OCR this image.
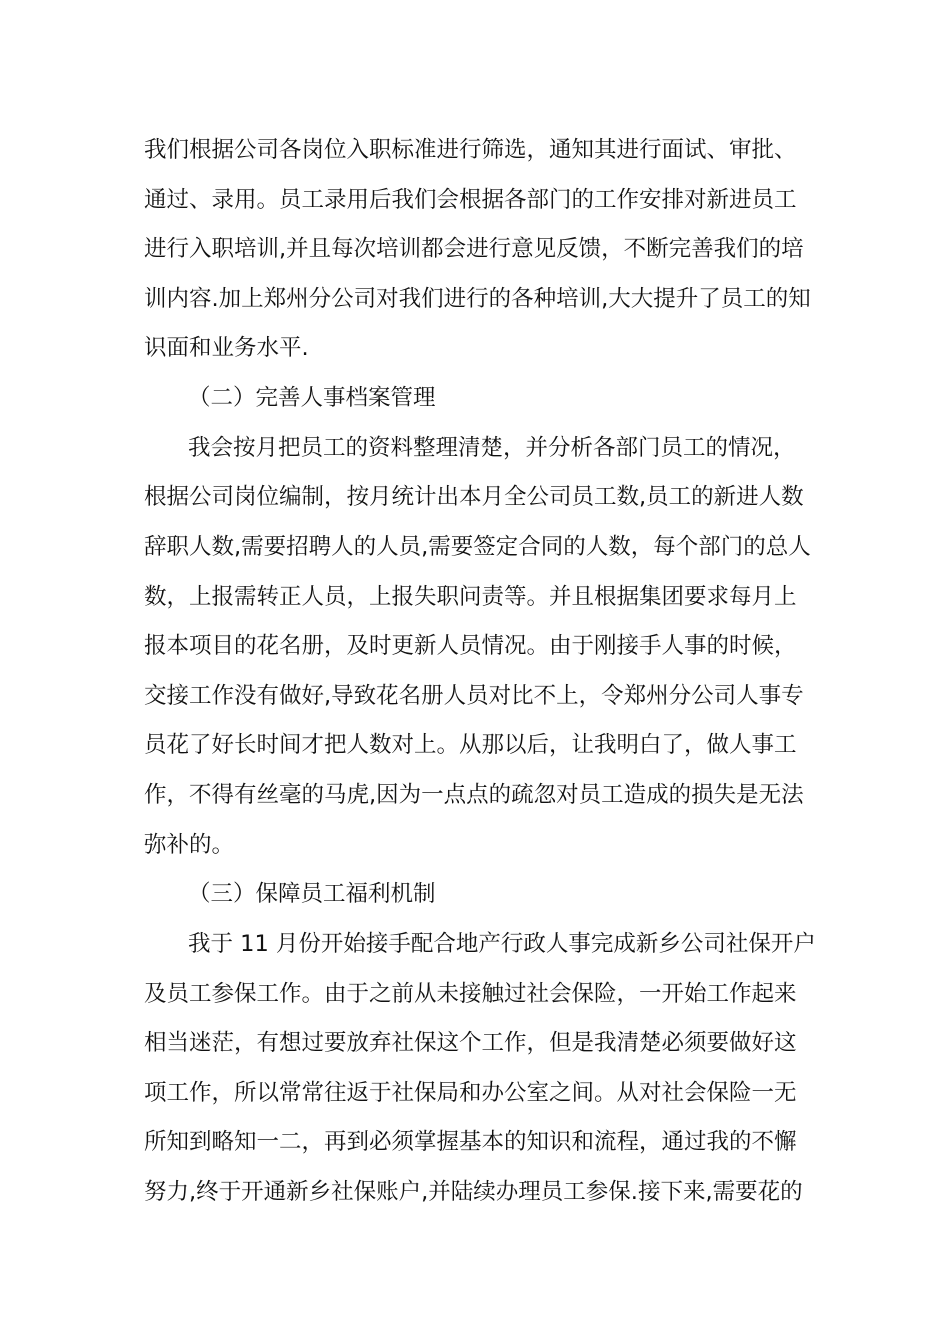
我们根据公司各岗位入职标准进行筛选，通知其进行面试、审批、
通过、录用。员工录用后我们会根据各部门的工作安排对新进员工
进行入职培训,并且每次培训都会进行意见反馈，不断完善我们的培
训内容.加上郑州分公司对我们进行的各种培训,大大提升了员工的知
识面和业务水平.
（二）完善人事档案管理
我会按月把员工的资料整理清楚，并分析各部门员工的情况，
根据公司岗位编制，按月统计出本月全公司员工数,员工的新进人数
辞职人数,需要招聘人的人员,需要签定合同的人数，每个部门的总人
数，上报需转正人员，上报失职问责等。并且根据集团要求每月上
报本项目的花名册，及时更新人员情况。由于刚接手人事的时候，
交接工作没有做好,导致花名册人员对比不上，令郑州分公司人事专
员花了好长时间才把人数对上。从那以后，让我明白了，做人事工
作，不得有丝毫的马虎,因为一点点的疏忽对员工造成的损失是无法
弥补的。
（三）保障员工福利机制
我于 11 月份开始接手配合地产行政人事完成新乡公司社保开户
及员工参保工作。由于之前从未接触过社会保险，一开始工作起来
相当迷茫，有想过要放弃社保这个工作，但是我清楚必须要做好这
项工作，所以常常往返于社保局和办公室之间。从对社会保险一无
所知到略知一二，再到必须掌握基本的知识和流程，通过我的不懈
努力,终于开通新乡社保账户,并陆续办理员工参保.接下来,需要花的
